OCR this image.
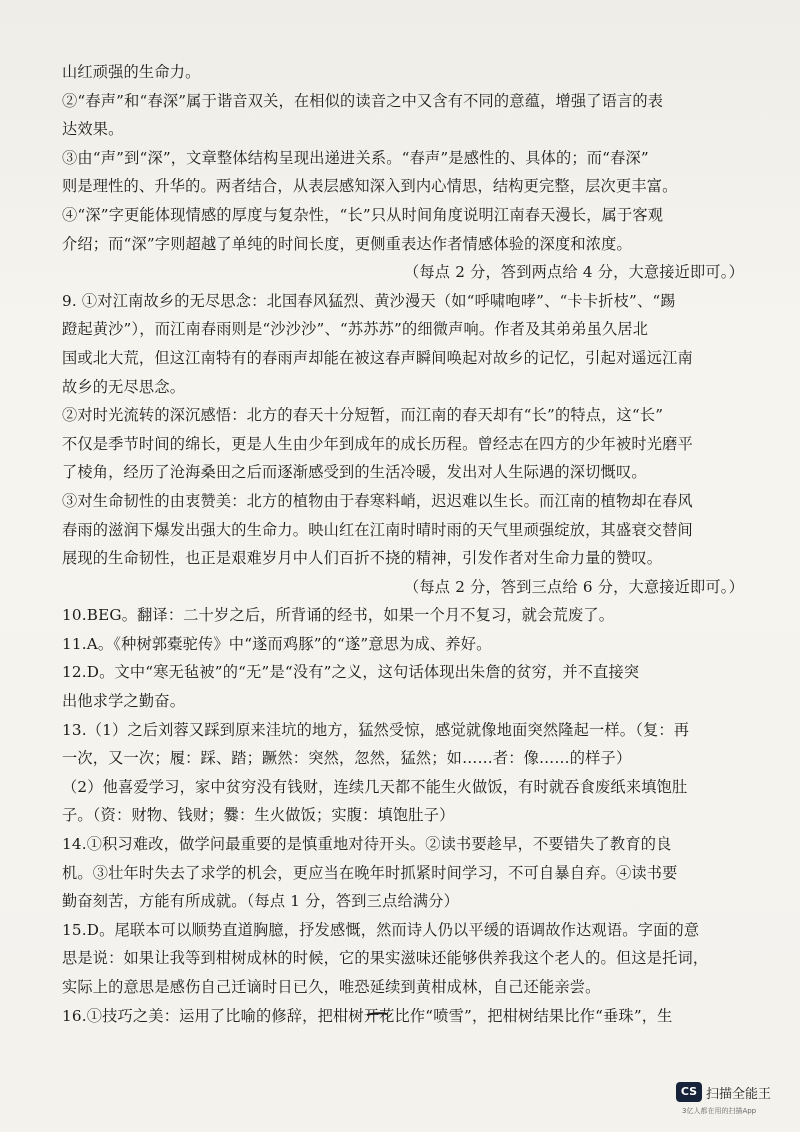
山红顽强的生命力。
②“春声”和“春深”属于谐音双关，在相似的读音之中又含有不同的意蕴，增强了语言的表
达效果。
③由“声”到“深”，文章整体结构呈现出递进关系。“春声”是感性的、具体的；而“春深”
则是理性的、升华的。两者结合，从表层感知深入到内心情思，结构更完整，层次更丰富。
④“深”字更能体现情感的厚度与复杂性，“长”只从时间角度说明江南春天漫长，属于客观
介绍；而“深”字则超越了单纯的时间长度，更侧重表达作者情感体验的深度和浓度。
（每点 2 分，答到两点给 4 分，大意接近即可。）
9. ①对江南故乡的无尽思念：北国春风猛烈、黄沙漫天（如“呼啸咆哮”、“卡卡折枝”、“踢
蹬起黄沙”），而江南春雨则是“沙沙沙”、“苏苏苏”的细微声响。作者及其弟弟虽久居北
国或北大荒，但这江南特有的春雨声却能在被这春声瞬间唤起对故乡的记忆，引起对遥远江南
故乡的无尽思念。
②对时光流转的深沉感悟：北方的春天十分短暂，而江南的春天却有“长”的特点，这“长”
不仅是季节时间的绵长，更是人生由少年到成年的成长历程。曾经志在四方的少年被时光磨平
了棱角，经历了沧海桑田之后而逐渐感受到的生活冷暖，发出对人生际遇的深切慨叹。
③对生命韧性的由衷赞美：北方的植物由于春寒料峭，迟迟难以生长。而江南的植物却在春风
春雨的滋润下爆发出强大的生命力。映山红在江南时晴时雨的天气里顽强绽放，其盛衰交替间
展现的生命韧性，也正是艰难岁月中人们百折不挠的精神，引发作者对生命力量的赞叹。
（每点 2 分，答到三点给 6 分，大意接近即可。）
10.BEG。翻译：二十岁之后，所背诵的经书，如果一个月不复习，就会荒废了。
11.A。《种树郭橐驼传》中“遂而鸡豚”的“遂”意思为成、养好。
12.D。文中“寒无毡被”的“无”是“没有”之义，这句话体现出朱詹的贫穷，并不直接突
出他求学之勤奋。
13.（1）之后刘蓉又踩到原来洼坑的地方，猛然受惊，感觉就像地面突然隆起一样。（复：再
一次，又一次；履：踩、踏；蹶然：突然，忽然，猛然；如……者：像……的样子）
（2）他喜爱学习，家中贫穷没有钱财，连续几天都不能生火做饭，有时就吞食废纸来填饱肚
子。（资：财物、钱财；爨：生火做饭；实腹：填饱肚子）
14.①积习难改，做学问最重要的是慎重地对待开头。②读书要趁早，不要错失了教育的良
机。③壮年时失去了求学的机会，更应当在晚年时抓紧时间学习，不可自暴自弃。④读书要
勤奋刻苦，方能有所成就。（每点 1 分，答到三点给满分）
15.D。尾联本可以顺势直道胸臆，抒发感慨，然而诗人仍以平缓的语调故作达观语。字面的意
思是说：如果让我等到柑树成林的时候，它的果实滋味还能够供养我这个老人的。但这是托词，
实际上的意思是感伤自己迁谪时日已久，唯恐延续到黄柑成林，自己还能亲尝。
16.①技巧之美：运用了比喻的修辞，把柑树开花比作“喷雪”，把柑树结果比作“垂珠”，生
CS 扫描全能王
3亿人都在用的扫描App
